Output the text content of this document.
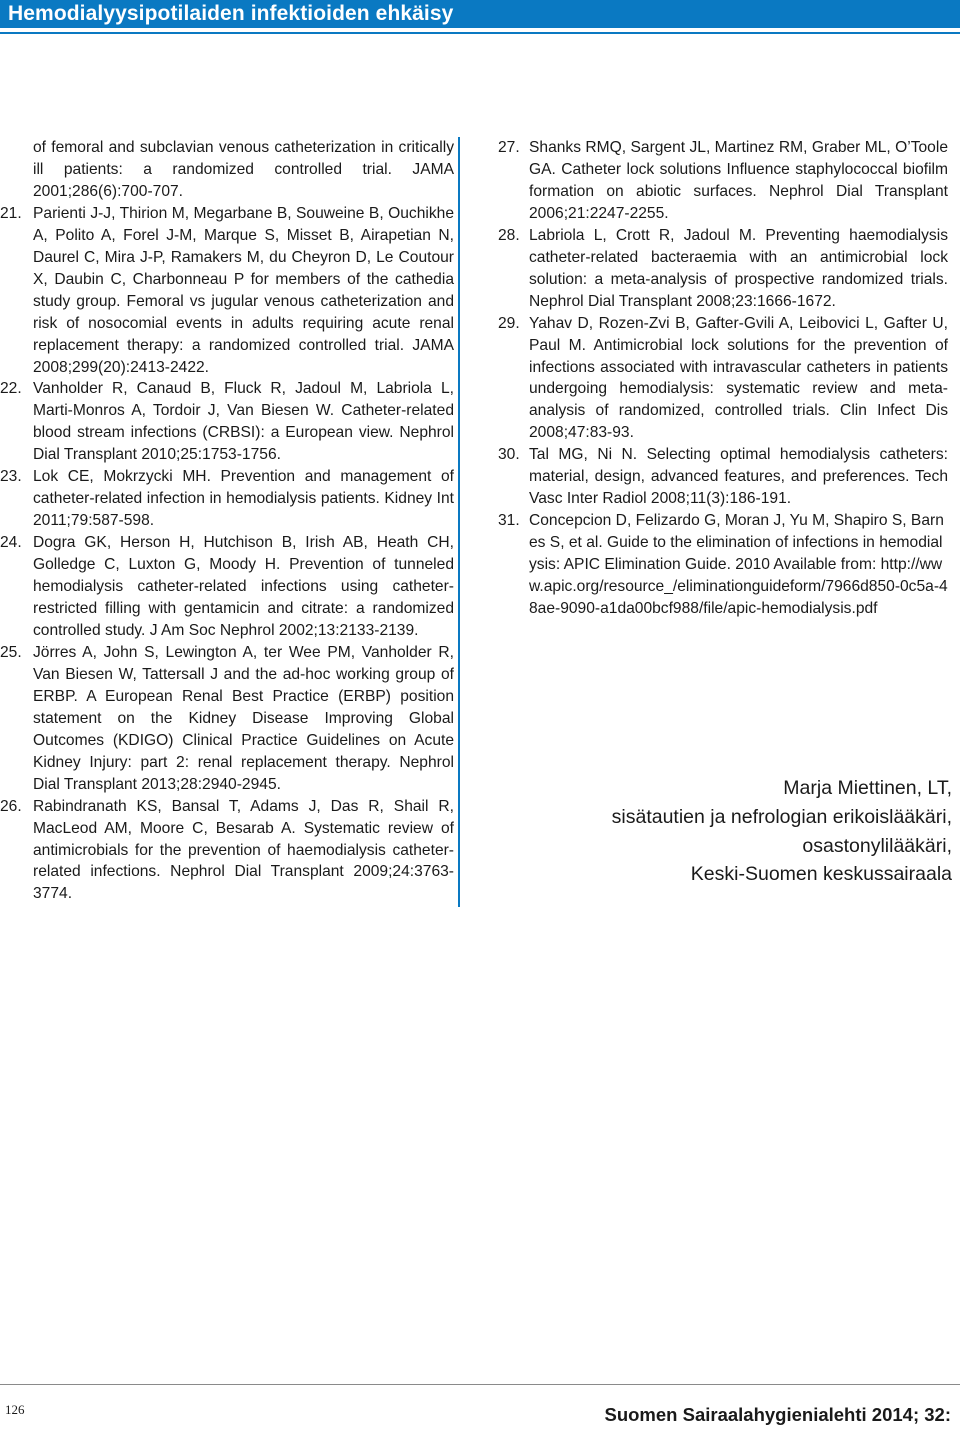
Hemodialyysipotilaiden infektioiden ehkäisy

of femoral and subclavian venous catheterization in critically ill patients: a randomized controlled trial. JAMA 2001;286(6):700-707.

21. Parienti J-J, Thirion M, Megarbane B, Souweine B, Ouchikhe A, Polito A, Forel J-M, Marque S, Misset B, Airapetian N, Daurel C, Mira J-P, Ramakers M, du Cheyron D, Le Coutour X, Daubin C, Charbonneau P for members of the cathedia study group. Femoral vs jugular venous catheterization and risk of nosocomial events in adults requiring acute renal replacement therapy: a randomized controlled trial. JAMA 2008;299(20):2413-2422.

22. Vanholder R, Canaud B, Fluck R, Jadoul M, Labriola L, Marti-Monros A, Tordoir J, Van Biesen W. Catheter-related blood stream infections (CRBSI): a European view. Nephrol Dial Transplant 2010;25:1753-1756.

23. Lok CE, Mokrzycki MH. Prevention and management of catheter-related infection in hemodialysis patients. Kidney Int 2011;79:587-598.

24. Dogra GK, Herson H, Hutchison B, Irish AB, Heath CH, Golledge C, Luxton G, Moody H. Prevention of tunneled hemodialysis catheter-related infections using catheter-restricted filling with gentamicin and citrate: a randomized controlled study. J Am Soc Nephrol 2002;13:2133-2139.

25. Jörres A, John S, Lewington A, ter Wee PM, Vanholder R, Van Biesen W, Tattersall J and the ad-hoc working group of ERBP. A European Renal Best Practice (ERBP) position statement on the Kidney Disease Improving Global Outcomes (KDIGO) Clinical Practice Guidelines on Acute Kidney Injury: part 2: renal replacement therapy. Nephrol Dial Transplant 2013;28:2940-2945.

26. Rabindranath KS, Bansal T, Adams J, Das R, Shail R, MacLeod AM, Moore C, Besarab A. Systematic review of antimicrobials for the prevention of haemodialysis catheter-related infections. Nephrol Dial Transplant 2009;24:3763-3774.

27. Shanks RMQ, Sargent JL, Martinez RM, Graber ML, O’Toole GA. Catheter lock solutions Influence staphylococcal biofilm formation on abiotic surfaces. Nephrol Dial Transplant 2006;21:2247-2255.

28. Labriola L, Crott R, Jadoul M. Preventing haemodialysis catheter-related bacteraemia with an antimicrobial lock solution: a meta-analysis of prospective randomized trials. Nephrol Dial Transplant 2008;23:1666-1672.

29. Yahav D, Rozen-Zvi B, Gafter-Gvili A, Leibovici L, Gafter U, Paul M. Antimicrobial lock solutions for the prevention of infections associated with intravascular catheters in patients undergoing hemodialysis: systematic review and meta-analysis of randomized, controlled trials. Clin Infect Dis 2008;47:83-93.

30. Tal MG, Ni N. Selecting optimal hemodialysis catheters: material, design, advanced features, and preferences. Tech Vasc Inter Radiol 2008;11(3):186-191.

31. Concepcion D, Felizardo G, Moran J, Yu M, Shapiro S, Barnes S, et al. Guide to the elimination of infections in hemodialysis: APIC Elimination Guide. 2010 Available from: http://www.apic.org/resource_/eliminationguideform/7966d850-0c5a-48ae-9090-a1da00bcf988/file/apic-hemodialysis.pdf

Marja Miettinen, LT,
sisätautien ja nefrologian erikoislääkäri,
osastonylilääkäri,
Keski-Suomen keskussairaala
126	Suomen Sairaalahygienialehti 2014; 32:
